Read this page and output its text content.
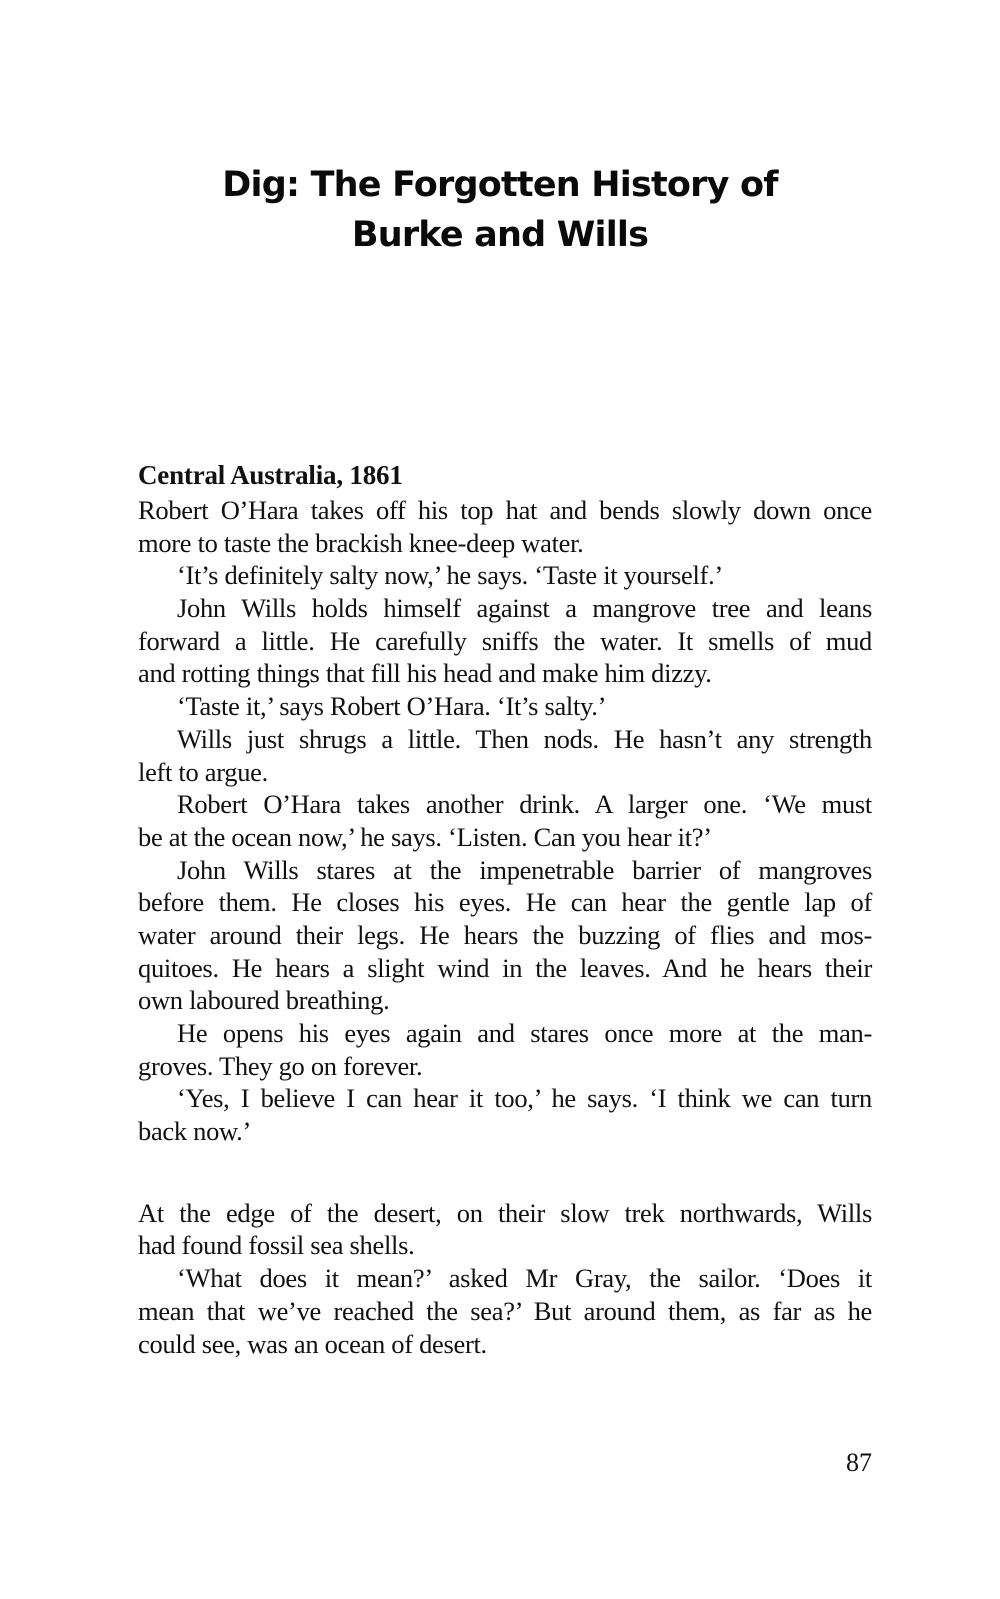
Dig: The Forgotten History of
Burke and Wills
Central Australia, 1861
Robert O’Hara takes off his top hat and bends slowly down once
more to taste the brackish knee-deep water.
‘It’s definitely salty now,’ he says. ‘Taste it yourself.’
John Wills holds himself against a mangrove tree and leans
forward a little. He carefully sniffs the water. It smells of mud
and rotting things that fill his head and make him dizzy.
‘Taste it,’ says Robert O’Hara. ‘It’s salty.’
Wills just shrugs a little. Then nods. He hasn’t any strength
left to argue.
Robert O’Hara takes another drink. A larger one. ‘We must
be at the ocean now,’ he says. ‘Listen. Can you hear it?’
John Wills stares at the impenetrable barrier of mangroves
before them. He closes his eyes. He can hear the gentle lap of
water around their legs. He hears the buzzing of flies and mos-
quitoes. He hears a slight wind in the leaves. And he hears their
own laboured breathing.
He opens his eyes again and stares once more at the man-
groves. They go on forever.
‘Yes, I believe I can hear it too,’ he says. ‘I think we can turn
back now.’
At the edge of the desert, on their slow trek northwards, Wills
had found fossil sea shells.
‘What does it mean?’ asked Mr Gray, the sailor. ‘Does it
mean that we’ve reached the sea?’ But around them, as far as he
could see, was an ocean of desert.
87
